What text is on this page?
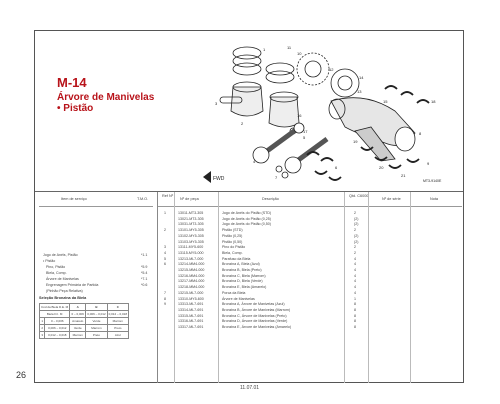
FWD
1
2
3
4
5
6
7
8
9
10
11
12
13
14
15
16
17
18
19
20
21
M-14
Árvore de Manivelas
• Pistão
MT3-9140E
Item de serviço	T.M.O.
Jogo de Anéis, Pistão	*1.1
• Pistão
Pino, Pistão	*5.9
Biela, Comp.	*5.4
Árvore de Manivelas	*7.1
Engrenagem Primária de Partida	*0.6
(Pinhão Peça Relativa)
Seleção Bronzina da Biela
Cód da Biela D.E. M		A	B	C
Biela D.I. M		0 – 0,006	0,006 – 0,012	0,012 – 0,018
1	0 – 0,006	Amarelo	Verde	Marrom
2	0,006 – 0,012	Verde	Marrom	Preto
3	0,012 – 0,018	Marrom	Preto	Azul
Ref Nº
Nº de peça	Descrição
Qtd. C6000
Nº de série	Nota
1	13011-MT3-305	Jogo de Anéis do Pistão (STD)	2
13021-MT3-305	Jogo de Anéis do Pistão (0,25)	(2)
13031-MT3-305	Jogo de Anéis do Pistão (0,50)	(2)
2	13101-MY5-305	Pistão (STD)	2
13102-MY5-305	Pistão (0,25)	(2)
13103-MY5-305	Pistão (0,50)	(2)
3	13111-MY5-600	Pino do Pistão	2
4	13115-MY5-000	Biela, Comp.	2
5	13213-ML7-000	Parafuso da Biela	4
6	13214-MM4-000	Bronzina A, Biela (Azul)	4
13215-MM4-000	Bronzina B, Biela (Preto)	4
13216-MM4-000	Bronzina C, Biela (Marrom)	4
13217-MM4-000	Bronzina D, Biela (Verde)	4
13218-MM4-000	Bronzina E, Biela (Amarelo)	4
7	13215-ML7-000	Porca da Biela	4
8	13310-MY5-600	Árvore de Manivelas	1
9	13313-ML7-691	Bronzina A, Árvore de Manivelas (Azul)	8
13314-ML7-691	Bronzina B, Árvore de Manivelas (Marrom)	8
13315-ML7-691	Bronzina C, Árvore de Manivelas (Preto)	8
13316-ML7-691	Bronzina D, Árvore de Manivelas (Verde)	8
13317-ML7-691	Bronzina E, Árvore de Manivelas (Amarelo)	8
26
11.07.01
